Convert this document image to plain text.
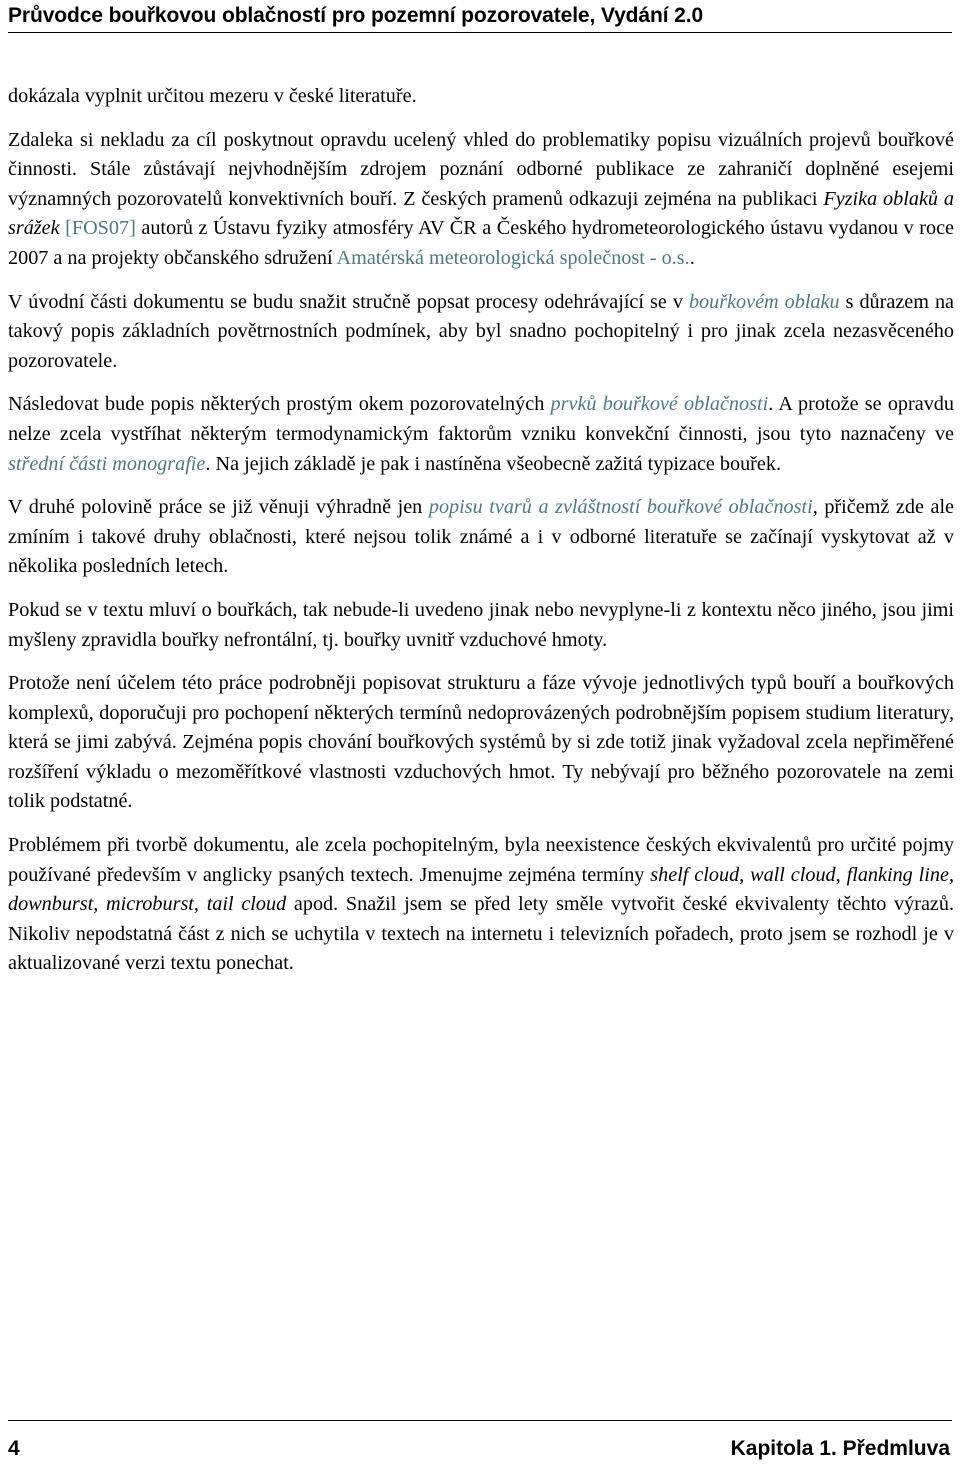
Průvodce bouřkovou oblačností pro pozemní pozorovatele, Vydání 2.0

dokázala vyplnit určitou mezeru v české literatuře.

Zdaleka si nekladu za cíl poskytnout opravdu ucelený vhled do problematiky popisu vizuálních projevů bouřkové činnosti. Stále zůstávají nejvhodnějším zdrojem poznání odborné publikace ze zahraničí doplněné esejemi významných pozorovatelů konvektivních bouří. Z českých pramenů odkazuji zejména na publikaci Fyzika oblaků a srážek [FOS07] autorů z Ústavu fyziky atmosféry AV ČR a Českého hydrometeorologického ústavu vydanou v roce 2007 a na projekty občanského sdružení Amatérská meteorologická společnost - o.s..

V úvodní části dokumentu se budu snažit stručně popsat procesy odehrávající se v bouřkovém oblaku s důrazem na takový popis základních povětrnostních podmínek, aby byl snadno pochopitelný i pro jinak zcela nezasvěceného pozorovatele.

Následovat bude popis některých prostým okem pozorovatelných prvků bouřkové oblačnosti. A protože se opravdu nelze zcela vystříhat některým termodynamickým faktorům vzniku konvekční činnosti, jsou tyto naznačeny ve střední části monografie. Na jejich základě je pak i nastíněna všeobecně zažitá typizace bouřek.

V druhé polovině práce se již věnuji výhradně jen popisu tvarů a zvláštností bouřkové oblačnosti, přičemž zde ale zmíním i takové druhy oblačnosti, které nejsou tolik známé a i v odborné literatuře se začínají vyskytovat až v několika posledních letech.

Pokud se v textu mluví o bouřkách, tak nebude-li uvedeno jinak nebo nevyplyne-li z kontextu něco jiného, jsou jimi myšleny zpravidla bouřky nefrontální, tj. bouřky uvnitř vzduchové hmoty.

Protože není účelem této práce podrobněji popisovat strukturu a fáze vývoje jednotlivých typů bouří a bouřkových komplexů, doporučuji pro pochopení některých termínů nedoprovázených podrobnějším popisem studium literatury, která se jimi zabývá. Zejména popis chování bouřkových systémů by si zde totiž jinak vyžadoval zcela nepřiměřené rozšíření výkladu o mezoměřítkové vlastnosti vzduchových hmot. Ty nebývají pro běžného pozorovatele na zemi tolik podstatné.

Problémem při tvorbě dokumentu, ale zcela pochopitelným, byla neexistence českých ekvivalentů pro určité pojmy používané především v anglicky psaných textech. Jmenujme zejména termíny shelf cloud, wall cloud, flanking line, downburst, microburst, tail cloud apod. Snažil jsem se před lety směle vytvořit české ekvivalenty těchto výrazů. Nikoliv nepodstatná část z nich se uchytila v textech na internetu i televizních pořadech, proto jsem se rozhodl je v aktualizované verzi textu ponechat.

4	Kapitola 1. Předmluva
